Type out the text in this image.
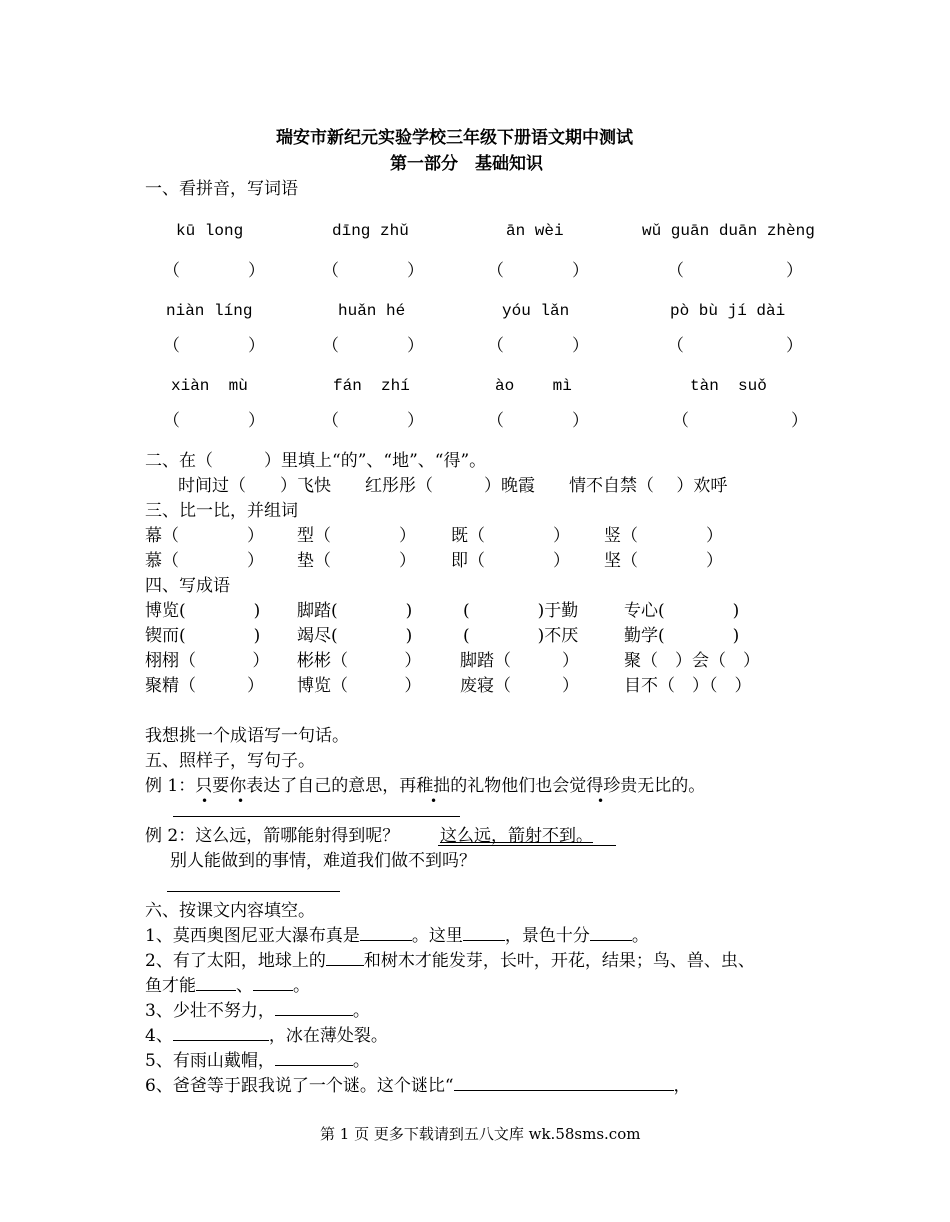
瑞安市新纪元实验学校三年级下册语文期中测试
第一部分　基础知识
一、看拼音，写词语
kū long	dīng zhǔ	ān wèi	wǔ guān duān zhèng
（　　　　）	（　　　　）	（　　　　）	（　　　　　　）
niàn líng	huǎn hé	yóu lǎn	pò bù jí dài
（　　　　）	（　　　　）	（　　　　）	（　　　　　　）
xiàn  mù	fán  zhí	ào    mì	tàn  suǒ
（　　　　）	（　　　　）	（　　　　）	（　　　　　　）
二、在（　　　）里填上“的”、“地”、“得”。
时间过（　　）飞快　　红彤彤（　　　）晚霞　　情不自禁（　 ）欢呼
三、比一比，并组词
幕（　　　　） 型（　　　　） 既（　　　　） 竖（　　　　）
慕（　　　　） 垫（　　　　） 即（　　　　） 坚（　　　　）
四、写成语
博览(　　　　) 脚踏(　　　　)	(　　　　)于勤	专心(　　　　)
锲而(　　　　) 竭尽(　　　　)	(　　　　)不厌	勤学(　　　　)
栩栩（　　　 ） 彬彬（　　　 ） 脚踏（　　　）	聚（　）会（　）
聚精（　　　） 博览（　　　 ） 废寝（　　　）	目不（　）（　）
我想挑一个成语写一句话。
五、照样子，写句子。
例 1：只要你表达了自己的意思，再稚拙的礼物他们也会觉得珍贵无比的。
• •	•	•
例 2：这么远，箭哪能射得到呢？ 这么远，箭射不到。
别人能做到的事情，难道我们做不到吗？
六、按课文内容填空。
1、莫西奥图尼亚大瀑布真是	。这里 ，景色十分 。
2、有了太阳，地球上的 和树木才能发芽，长叶，开花，结果；鸟、兽、虫、
鱼才能 、 。
3、少壮不努力，	。
4、	，冰在薄处裂。
5、有雨山戴帽，	。
6、爸爸等于跟我说了一个谜。这个谜比“	，
第 1 页 更多下载请到五八文库 wk.58sms.com
